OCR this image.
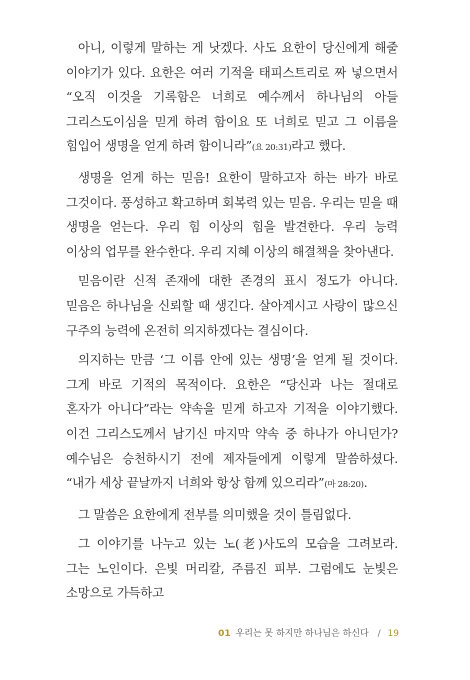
아니, 이렇게 말하는 게 낫겠다. 사도 요한이 당신에게 해줄 이야기가 있다. 요한은 여러 기적을 태피스트리로 짜 넣으면서 “오직 이것을 기록함은 너희로 예수께서 하나님의 아들 그리스도이심을 믿게 하려 함이요 또 너희로 믿고 그 이름을 힘입어 생명을 얻게 하려 함이니라”(요 20:31)라고 했다.

생명을 얻게 하는 믿음! 요한이 말하고자 하는 바가 바로 그것이다. 풍성하고 확고하며 회복력 있는 믿음. 우리는 믿을 때 생명을 얻는다. 우리 힘 이상의 힘을 발견한다. 우리 능력 이상의 업무를 완수한다. 우리 지혜 이상의 해결책을 찾아낸다.

믿음이란 신적 존재에 대한 존경의 표시 정도가 아니다. 믿음은 하나님을 신뢰할 때 생긴다. 살아계시고 사랑이 많으신 구주의 능력에 온전히 의지하겠다는 결심이다.

의지하는 만큼 ‘그 이름 안에 있는 생명’을 얻게 될 것이다. 그게 바로 기적의 목적이다. 요한은 “당신과 나는 절대로 혼자가 아니다”라는 약속을 믿게 하고자 기적을 이야기했다. 이건 그리스도께서 남기신 마지막 약속 중 하나가 아니던가? 예수님은 승천하시기 전에 제자들에게 이렇게 말씀하셨다. “내가 세상 끝날까지 너희와 항상 함께 있으리라”(마 28:20).

그 말씀은 요한에게 전부를 의미했을 것이 틀림없다.

그 이야기를 나누고 있는 노(老)사도의 모습을 그려보라. 그는 노인이다. 은빛 머리칼, 주름진 피부. 그럼에도 눈빛은 소망으로 가득하고

01 우리는 못 하지만 하나님은 하신다 / 19
